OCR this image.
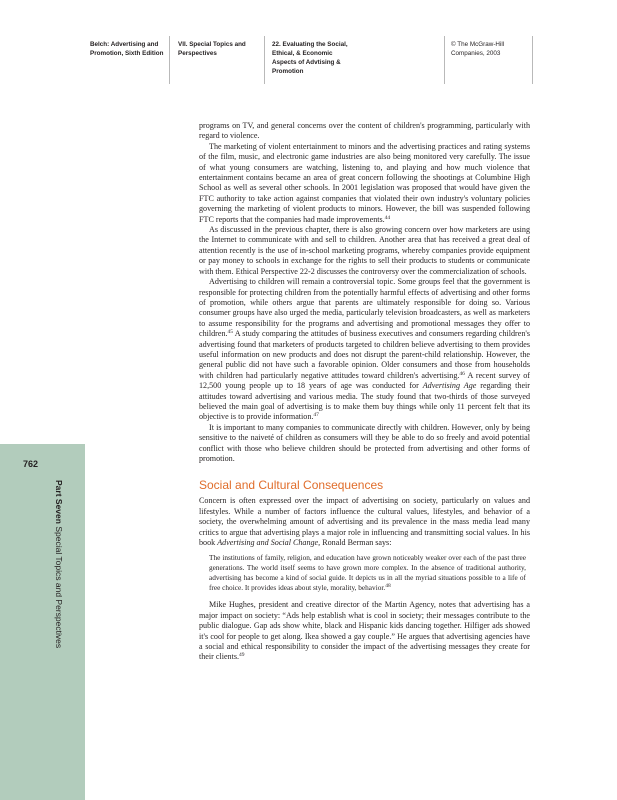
Belch: Advertising and
Promotion, Sixth Edition
VII. Special Topics and
Perspectives
22. Evaluating the Social,
Ethical, & Economic
Aspects of Advtising &
Promotion
© The McGraw-Hill
Companies, 2003
762
Part Seven Special Topics and Perspectives

programs on TV, and general concerns over the content of children's programming, particularly with regard to violence.

The marketing of violent entertainment to minors and the advertising practices and rating systems of the film, music, and electronic game industries are also being monitored very carefully. The issue of what young consumers are watching, listening to, and playing and how much violence that entertainment contains became an area of great concern following the shootings at Columbine High School as well as several other schools. In 2001 legislation was proposed that would have given the FTC authority to take action against companies that violated their own industry's voluntary policies governing the marketing of violent products to minors. However, the bill was suspended following FTC reports that the companies had made improvements.$^{44}$

As discussed in the previous chapter, there is also growing concern over how marketers are using the Internet to communicate with and sell to children. Another area that has received a great deal of attention recently is the use of in-school marketing programs, whereby companies provide equipment or pay money to schools in exchange for the rights to sell their products to students or communicate with them. Ethical Perspective 22-2 discusses the controversy over the commercialization of schools.

Advertising to children will remain a controversial topic. Some groups feel that the government is responsible for protecting children from the potentially harmful effects of advertising and other forms of promotion, while others argue that parents are ultimately responsible for doing so. Various consumer groups have also urged the media, particularly television broadcasters, as well as marketers to assume responsibility for the programs and advertising and promotional messages they offer to children.$^{45}$ A study comparing the attitudes of business executives and consumers regarding children's advertising found that marketers of products targeted to children believe advertising to them provides useful information on new products and does not disrupt the parent-child relationship. However, the general public did not have such a favorable opinion. Older consumers and those from households with children had particularly negative attitudes toward children's advertising.$^{46}$ A recent survey of 12,500 young people up to 18 years of age was conducted for Advertising Age regarding their attitudes toward advertising and various media. The study found that two-thirds of those surveyed believed the main goal of advertising is to make them buy things while only 11 percent felt that its objective is to provide information.$^{47}$

It is important to many companies to communicate directly with children. However, only by being sensitive to the naiveté of children as consumers will they be able to do so freely and avoid potential conflict with those who believe children should be protected from advertising and other forms of promotion.

Social and Cultural Consequences

Concern is often expressed over the impact of advertising on society, particularly on values and lifestyles. While a number of factors influence the cultural values, lifestyles, and behavior of a society, the overwhelming amount of advertising and its prevalence in the mass media lead many critics to argue that advertising plays a major role in influencing and transmitting social values. In his book Advertising and Social Change, Ronald Berman says:

The institutions of family, religion, and education have grown noticeably weaker over each of the past three generations. The world itself seems to have grown more complex. In the absence of traditional authority, advertising has become a kind of social guide. It depicts us in all the myriad situations possible to a life of free choice. It provides ideas about style, morality, behavior.$^{48}$

Mike Hughes, president and creative director of the Martin Agency, notes that advertising has a major impact on society: “Ads help establish what is cool in society; their messages contribute to the public dialogue. Gap ads show white, black and Hispanic kids dancing together. Hilfiger ads showed it's cool for people to get along. Ikea showed a gay couple.” He argues that advertising agencies have a social and ethical responsibility to consider the impact of the advertising messages they create for their clients.$^{49}$
